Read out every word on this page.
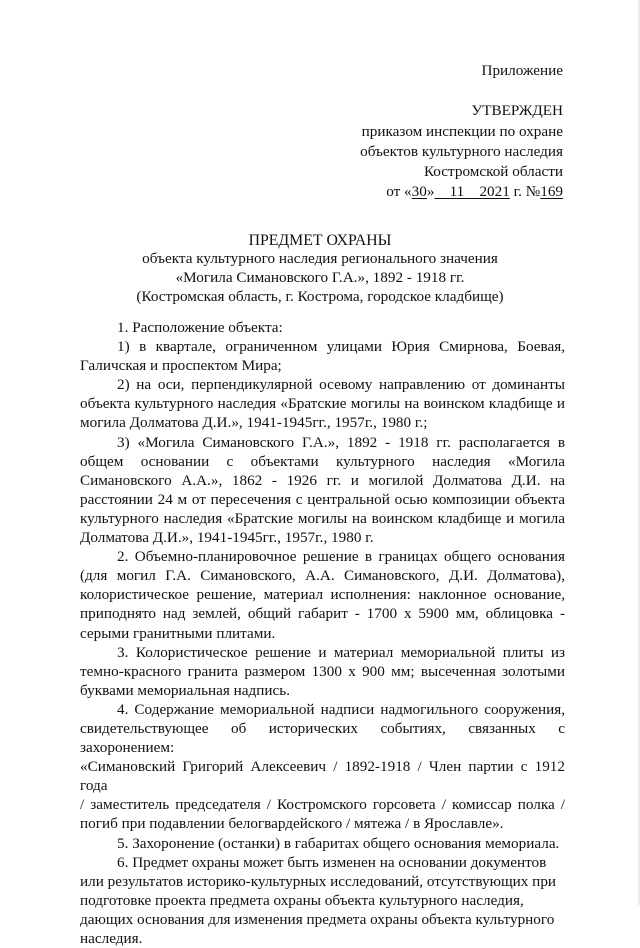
Приложение
УТВЕРЖДЕН
приказом инспекции по охране
объектов культурного наследия
Костромской области
от «30» 11 2021 г. №169
ПРЕДМЕТ ОХРАНЫ
объекта культурного наследия регионального значения
«Могила Симановского Г.А.», 1892 - 1918 гг.
(Костромская область, г. Кострома, городское кладбище)

1. Расположение объекта:

1) в квартале, ограниченном улицами Юрия Смирнова, Боевая,

Галичская и проспектом Мира;

2) на оси, перпендикулярной осевому направлению от доминанты

объекта культурного наследия «Братские могилы на воинском кладбище и

могила Долматова Д.И.», 1941-1945гг., 1957г., 1980 г.;

3) «Могила Симановского Г.А.», 1892 - 1918 гг. располагается в

общем основании с объектами культурного наследия «Могила

Симановского А.А.», 1862 - 1926 гг. и могилой Долматова Д.И. на

расстоянии 24 м от пересечения с центральной осью композиции объекта

культурного наследия «Братские могилы на воинском кладбище и могила

Долматова Д.И.», 1941-1945гг., 1957г., 1980 г.

2. Объемно-планировочное решение в границах общего основания

(для могил Г.А. Симановского, А.А. Симановского, Д.И. Долматова),

колористическое решение, материал исполнения: наклонное основание,

приподнято над землей, общий габарит - 1700 х 5900 мм, облицовка -

серыми гранитными плитами.

3. Колористическое решение и материал мемориальной плиты из

темно-красного гранита размером 1300 х 900 мм; высеченная золотыми

буквами мемориальная надпись.

4. Содержание мемориальной надписи надмогильного сооружения,

свидетельствующее об исторических событиях, связанных с захоронением:

«Симановский Григорий Алексеевич / 1892-1918 / Член партии с 1912 года

/ заместитель председателя / Костромского горсовета / комиссар полка /

погиб при подавлении белогвардейского / мятежа / в Ярославле».

5. Захоронение (останки) в габаритах общего основания мемориала.

6. Предмет охраны может быть изменен на основании документов

или результатов историко-культурных исследований, отсутствующих при

подготовке проекта предмета охраны объекта культурного наследия,

дающих основания для изменения предмета охраны объекта культурного

наследия.
